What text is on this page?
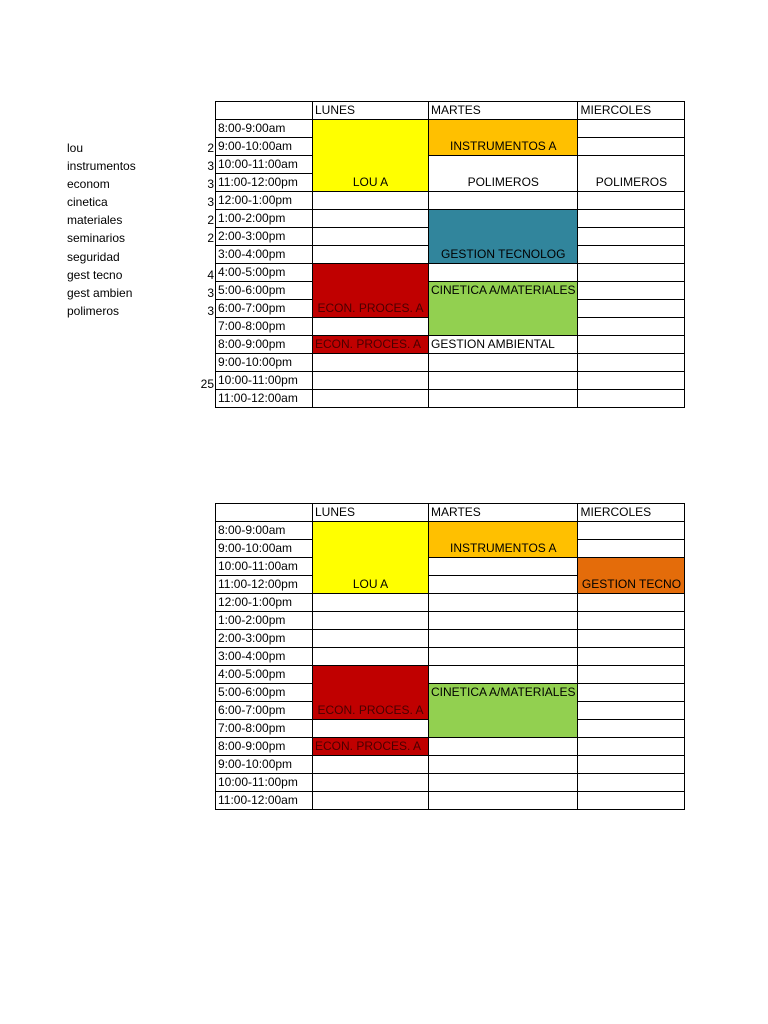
lou	2
instrumentos	3
econom	3
cinetica	3
materiales	2
seminarios	2
seguridad
gest tecno	4
gest ambien	3
polimeros	3
25
	LUNES	MARTES	MIERCOLES
8:00-9:00am	LOU A	INSTRUMENTOS A	
9:00-10:00am			
10:00-11:00am		POLIMEROS	POLIMEROS
11:00-12:00pm			
12:00-1:00pm			
1:00-2:00pm		GESTION TECNOLOG	
2:00-3:00pm			
3:00-4:00pm			
4:00-5:00pm	ECON. PROCES. A		
5:00-6:00pm		CINETICA A/MATERIALES	
6:00-7:00pm			
7:00-8:00pm			
8:00-9:00pm	ECON. PROCES. A	GESTION AMBIENTAL	
9:00-10:00pm			
10:00-11:00pm			
11:00-12:00am			
	LUNES	MARTES	MIERCOLES
8:00-9:00am	LOU A	INSTRUMENTOS A	
9:00-10:00am			
10:00-11:00am			GESTION TECNO
11:00-12:00pm			
12:00-1:00pm			
1:00-2:00pm			
2:00-3:00pm			
3:00-4:00pm			
4:00-5:00pm	ECON. PROCES. A		
5:00-6:00pm		CINETICA A/MATERIALES	
6:00-7:00pm			
7:00-8:00pm			
8:00-9:00pm	ECON. PROCES. A		
9:00-10:00pm			
10:00-11:00pm			
11:00-12:00am			
